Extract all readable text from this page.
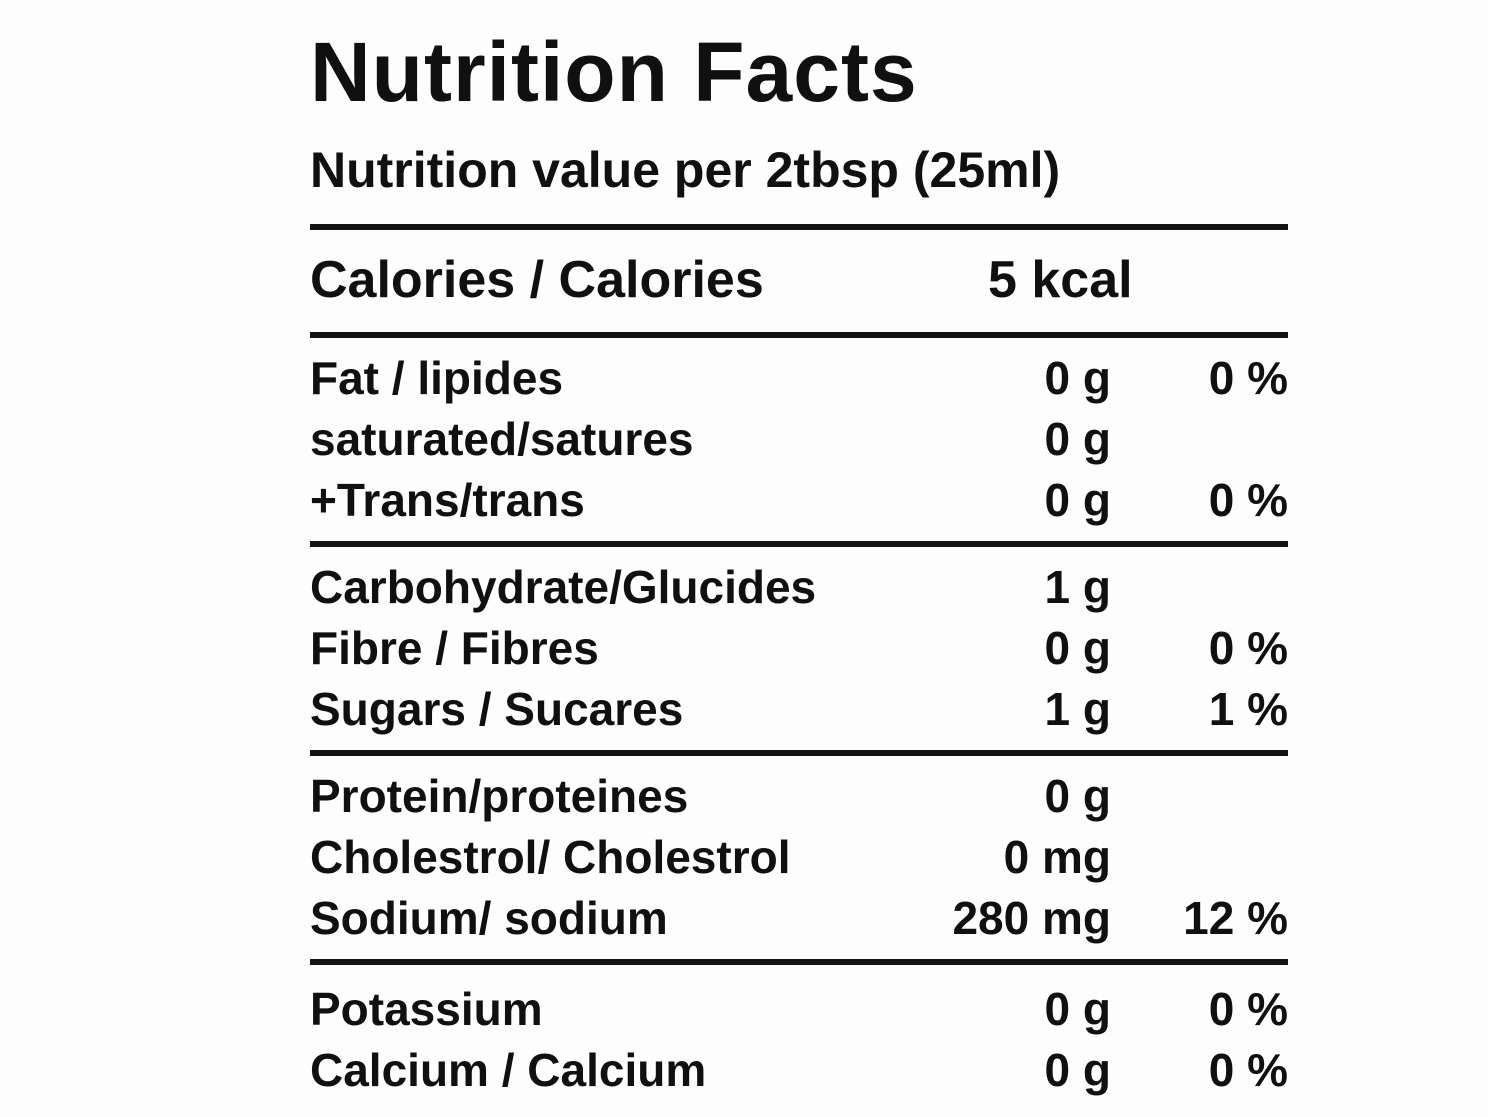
Nutrition Facts
Nutrition value per 2tbsp (25ml)
Calories / Calories	5 kcal
Fat / lipides	0 g	0 %
saturated/satures	0 g
+Trans/trans	0 g	0 %
Carbohydrate/Glucides	1 g
Fibre / Fibres	0 g	0 %
Sugars / Sucares	1 g	1 %
Protein/proteines	0 g
Cholestrol/ Cholestrol	0 mg
Sodium/ sodium	280 mg	12 %
Potassium	0 g	0 %
Calcium / Calcium	0 g	0 %
